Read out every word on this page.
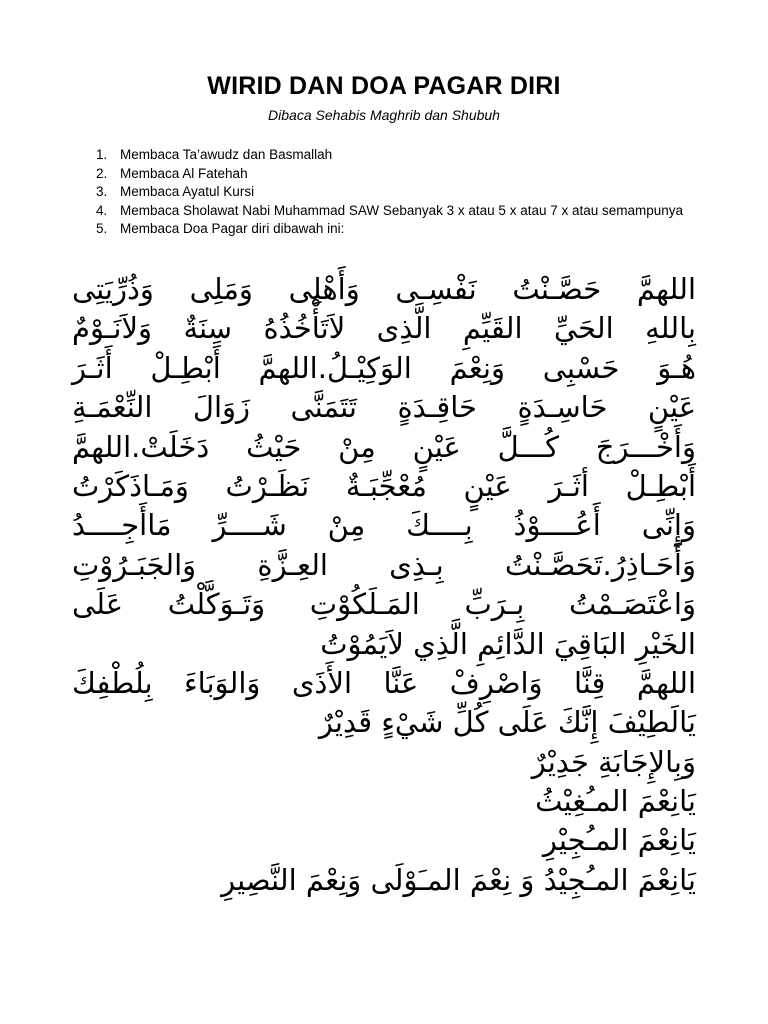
WIRID DAN DOA PAGAR DIRI

Dibaca Sehabis Maghrib dan Shubuh

1. Membaca Ta’awudz dan Basmallah
2. Membaca Al Fatehah
3. Membaca Ayatul Kursi
4. Membaca Sholawat Nabi Muhammad SAW Sebanyak 3 x atau 5 x atau 7 x atau semampunya
5. Membaca Doa Pagar diri dibawah ini:
اللهمَّ حَصَّـنْتُ نَفْسِـى وَأَهْلِى وَمَلِى وَذُرِّيَتِى
بِاللهِ الحَيِّ القَيِّمِ الَّذِى لاَتَأْخُذُهُ سِنَةٌ وَلاَنَـوْمٌ
هُـوَ حَسْبِى وَنِعْمَ الوَكِيْـلُ.اللهمَّ أَبْطِـلْ أَثَـرَ
عَيْنٍ حَاسِـدَةٍ حَاقِـدَةٍ تَتَمَنَّى زَوَالَ النِّعْمَـةِ
وَأَخْـــرَجَ كُـــلَّ عَيْنٍ مِنْ حَيْثُ دَخَلَتْ.اللهمَّ
أَبْطِـلْ أثَـرَ عَيْنٍ مُعْجِّبَـةٌ نَظَـرْتُ وَمَـاذَكَرْتُ
وَإِنِّى أَعُــــوْذُ بِــــكَ مِنْ شَــــرِّ مَاأَجِــــدُ
وَأَحَـاذِرُ.تَحَصَّـنْتُ بِـذِى العِـزَّةِ وَالجَبَـرُوْتِ
وَاعْتَصَـمْتُ بِـرَبِّ المَـلَكُوْتِ وَتَـوَكَّلْتُ عَلَى
الخَيْرِ البَاقِيَ الدَّائِمِ الَّذِي لاَيَمُوْتُ
اللهمَّ قِنَّا وَاصْرِفْ عَنَّا الأَذَى وَالوَبَاءَ بِلُطْفِكَ
يَالَطِيْفَ إِنَّكَ عَلَى كُلِّ شَيْءٍ قَدِيْرٌ
وَبِالإِجَابَةِ جَدِيْرٌ
يَانِعْمَ المـُغِيْثُ
يَانِعْمَ المـُجِيْرِ
يَانِعْمَ المـُجِيْدُ وَ نِعْمَ المـَوْلَى وَنِعْمَ النَّصِيرِ
